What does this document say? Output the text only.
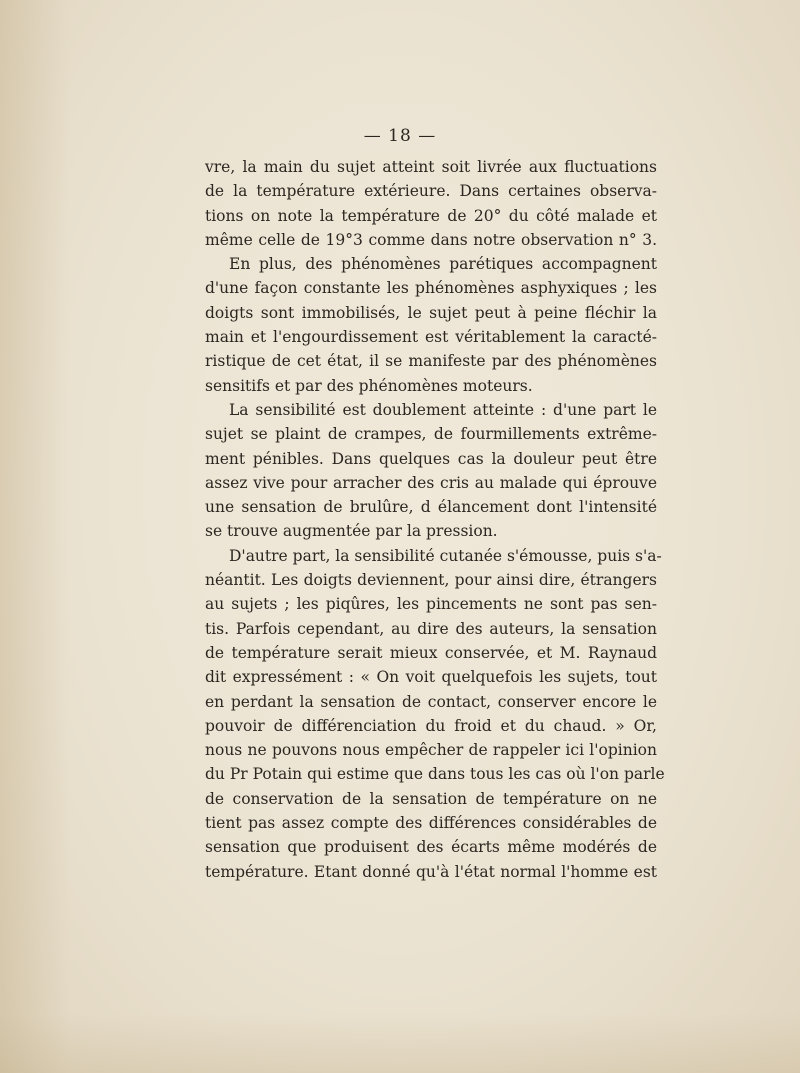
— 18 —

vre, la main du sujet atteint soit livrée aux fluctuations
de la température extérieure. Dans certaines observa-
tions on note la température de 20° du côté malade et
même celle de 19°3 comme dans notre observation n° 3.
En plus, des phénomènes parétiques accompagnent
d'une façon constante les phénomènes asphyxiques ; les
doigts sont immobilisés, le sujet peut à peine fléchir la
main et l'engourdissement est véritablement la caracté-
ristique de cet état, il se manifeste par des phénomènes
sensitifs et par des phénomènes moteurs.
La sensibilité est doublement atteinte : d'une part le
sujet se plaint de crampes, de fourmillements extrême-
ment pénibles. Dans quelques cas la douleur peut être
assez vive pour arracher des cris au malade qui éprouve
une sensation de brulûre, d élancement dont l'intensité
se trouve augmentée par la pression.
D'autre part, la sensibilité cutanée s'émousse, puis s'a-
néantit. Les doigts deviennent, pour ainsi dire, étrangers
au sujets ; les piqûres, les pincements ne sont pas sen-
tis. Parfois cependant, au dire des auteurs, la sensation
de température serait mieux conservée, et M. Raynaud
dit expressément : « On voit quelquefois les sujets, tout
en perdant la sensation de contact, conserver encore le
pouvoir de différenciation du froid et du chaud. » Or,
nous ne pouvons nous empêcher de rappeler ici l'opinion
du Pr Potain qui estime que dans tous les cas où l'on parle
de conservation de la sensation de température on ne
tient pas assez compte des différences considérables de
sensation que produisent des écarts même modérés de
température. Etant donné qu'à l'état normal l'homme est
